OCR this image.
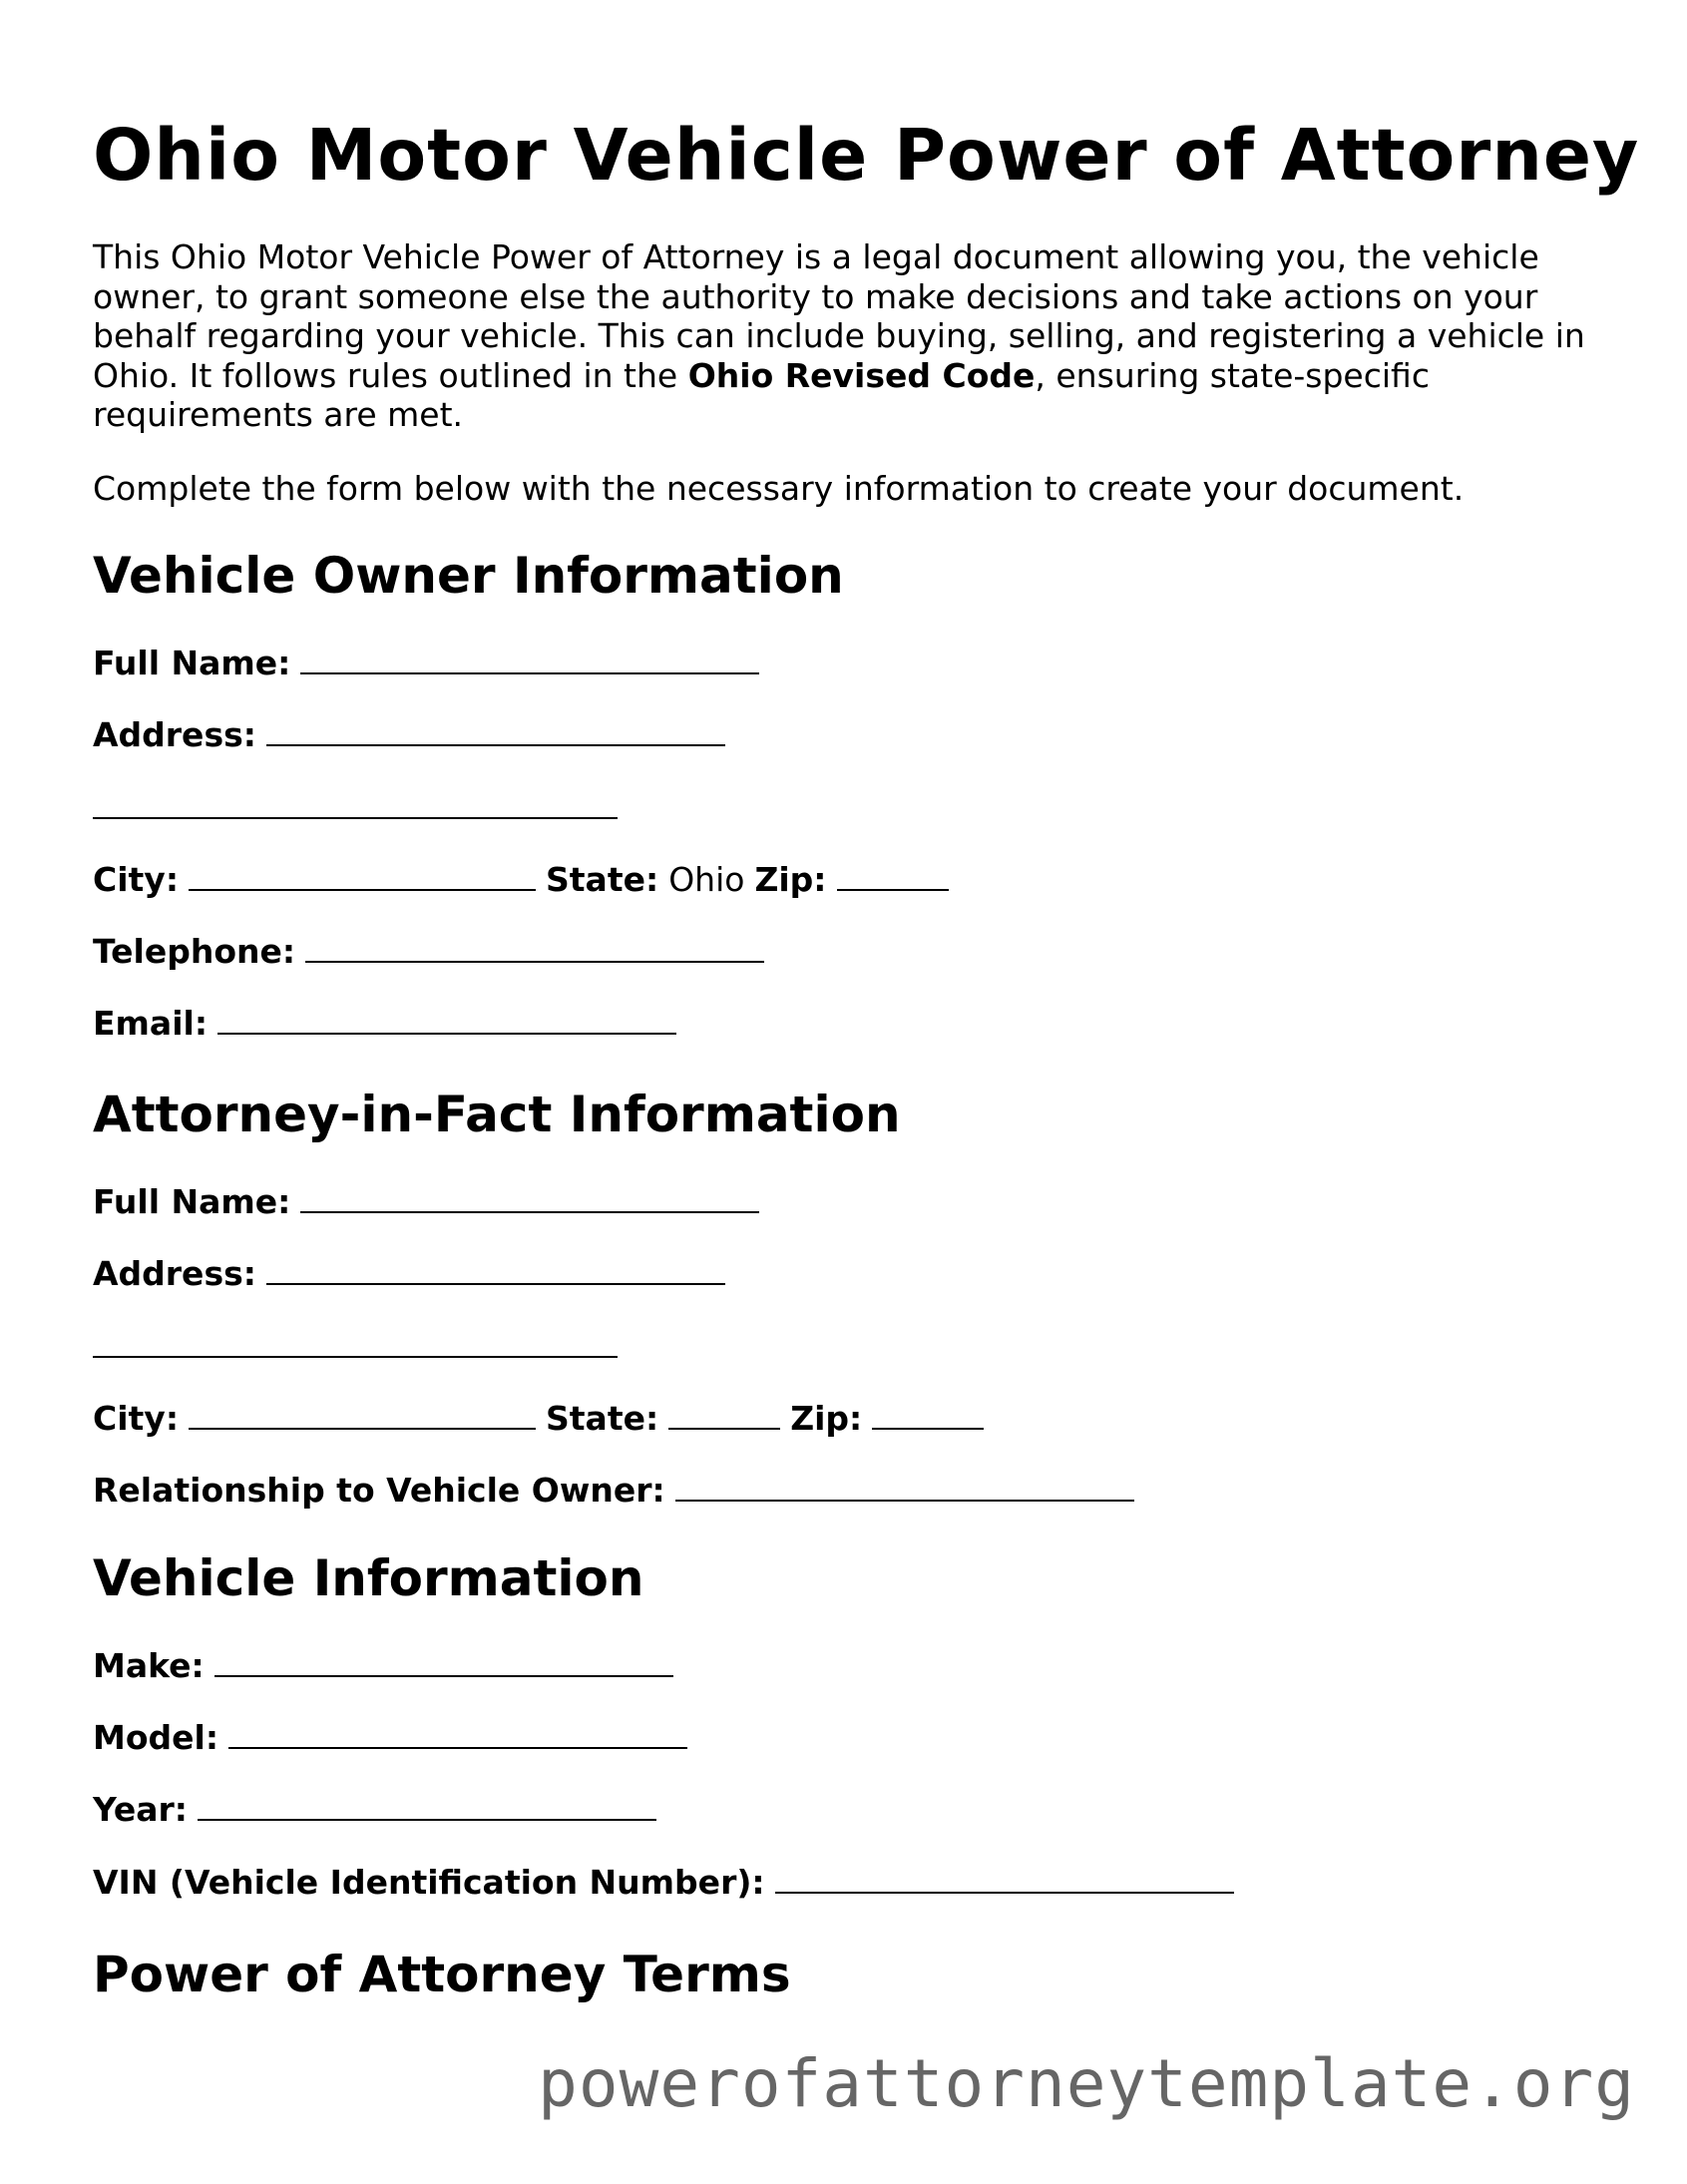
Ohio Motor Vehicle Power of Attorney

This Ohio Motor Vehicle Power of Attorney is a legal document allowing you, the vehicle owner, to grant someone else the authority to make decisions and take actions on your behalf regarding your vehicle. This can include buying, selling, and registering a vehicle in Ohio. It follows rules outlined in the Ohio Revised Code, ensuring state-specific requirements are met.

Complete the form below with the necessary information to create your document.

Vehicle Owner Information

Full Name:

Address:

City:	State: Ohio Zip:

Telephone:

Email:

Attorney-in-Fact Information

Full Name:

Address:

City:	State:	Zip:

Relationship to Vehicle Owner:

Vehicle Information

Make:

Model:

Year:

VIN (Vehicle Identification Number):

Power of Attorney Terms
powerofattorneytemplate.org
